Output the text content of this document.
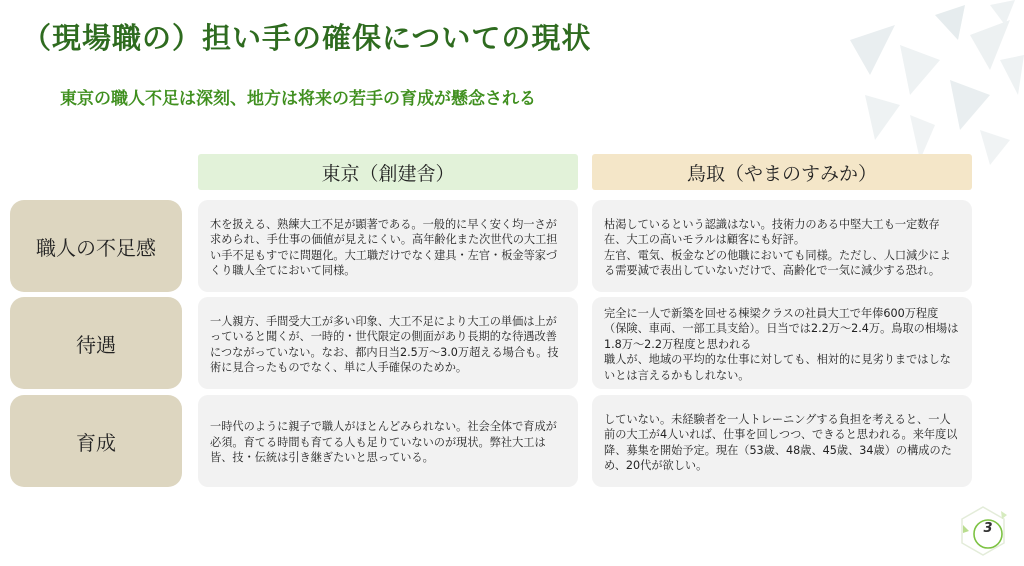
（現場職の）担い手の確保についての現状
東京の職人不足は深刻、地方は将来の若手の育成が懸念される
東京（創建舎）	鳥取（やまのすみか）
職人の不足感
待遇
育成

木を扱える、熟練大工不足が顕著である。一般的に早く安く均一さが求められ、手仕事の価値が見えにくい。高年齢化また次世代の大工担い手不足もすでに問題化。大工職だけでなく建具・左官・板金等家づくり職人全てにおいて同様。

枯渇しているという認識はない。技術力のある中堅大工も一定数存在、大工の高いモラルは顧客にも好評。

左官、電気、板金などの他職においても同様。ただし、人口減少による需要減で表出していないだけで、高齢化で一気に減少する恐れ。

一人親方、手間受大工が多い印象、大工不足により大工の単価は上がっていると聞くが、一時的・世代限定の側面があり長期的な待遇改善につながっていない。なお、都内日当2.5万～3.0万超える場合も。技術に見合ったものでなく、単に人手確保のためか。

完全に一人で新築を回せる棟梁クラスの社員大工で年俸600万程度（保険、車両、一部工具支給）。日当では2.2万～2.4万。鳥取の相場は1.8万～2.2万程度と思われる

職人が、地域の平均的な仕事に対しても、相対的に見劣りまではしないとは言えるかもしれない。

一時代のように親子で職人がほとんどみられない。社会全体で育成が必須。育てる時間も育てる人も足りていないのが現状。弊社大工は皆、技・伝統は引き継ぎたいと思っている。

していない。未経験者を一人トレーニングする負担を考えると、一人前の大工が4人いれば、仕事を回しつつ、できると思われる。来年度以降、募集を開始予定。現在（53歳、48歳、45歳、34歳）の構成のため、20代が欲しい。

3
